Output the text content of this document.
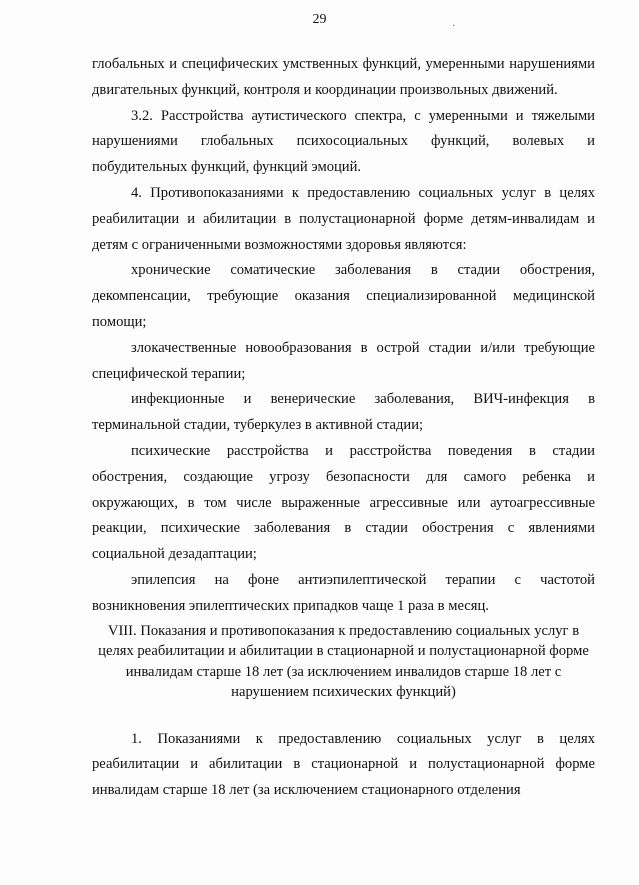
29	·

глобальных и специфических умственных функций, умеренными нарушениями двигательных функций, контроля и координации произвольных движений.

3.2. Расстройства аутистического спектра, с умеренными и тяжелыми нарушениями глобальных психосоциальных функций, волевых и побудительных функций, функций эмоций.

4. Противопоказаниями к предоставлению социальных услуг в целях реабилитации и абилитации в полустационарной форме детям-инвалидам и детям с ограниченными возможностями здоровья являются:

хронические соматические заболевания в стадии обострения, декомпенсации, требующие оказания специализированной медицинской помощи;

злокачественные новообразования в острой стадии и/или требующие специфической терапии;

инфекционные и венерические заболевания, ВИЧ-инфекция в терминальной стадии, туберкулез в активной стадии;

психические расстройства и расстройства поведения в стадии обострения, создающие угрозу безопасности для самого ребенка и окружающих, в том числе выраженные агрессивные или аутоагрессивные реакции, психические заболевания в стадии обострения с явлениями социальной дезадаптации;

эпилепсия на фоне антиэпилептической терапии с частотой возникновения эпилептических припадков чаще 1 раза в месяц.

VIII. Показания и противопоказания к предоставлению социальных услуг в целях реабилитации и абилитации в стационарной и полустационарной форме инвалидам старше 18 лет (за исключением инвалидов старше 18 лет с нарушением психических функций)

1. Показаниями к предоставлению социальных услуг в целях реабилитации и абилитации в стационарной и полустационарной форме инвалидам старше 18 лет (за исключением стационарного отделения
